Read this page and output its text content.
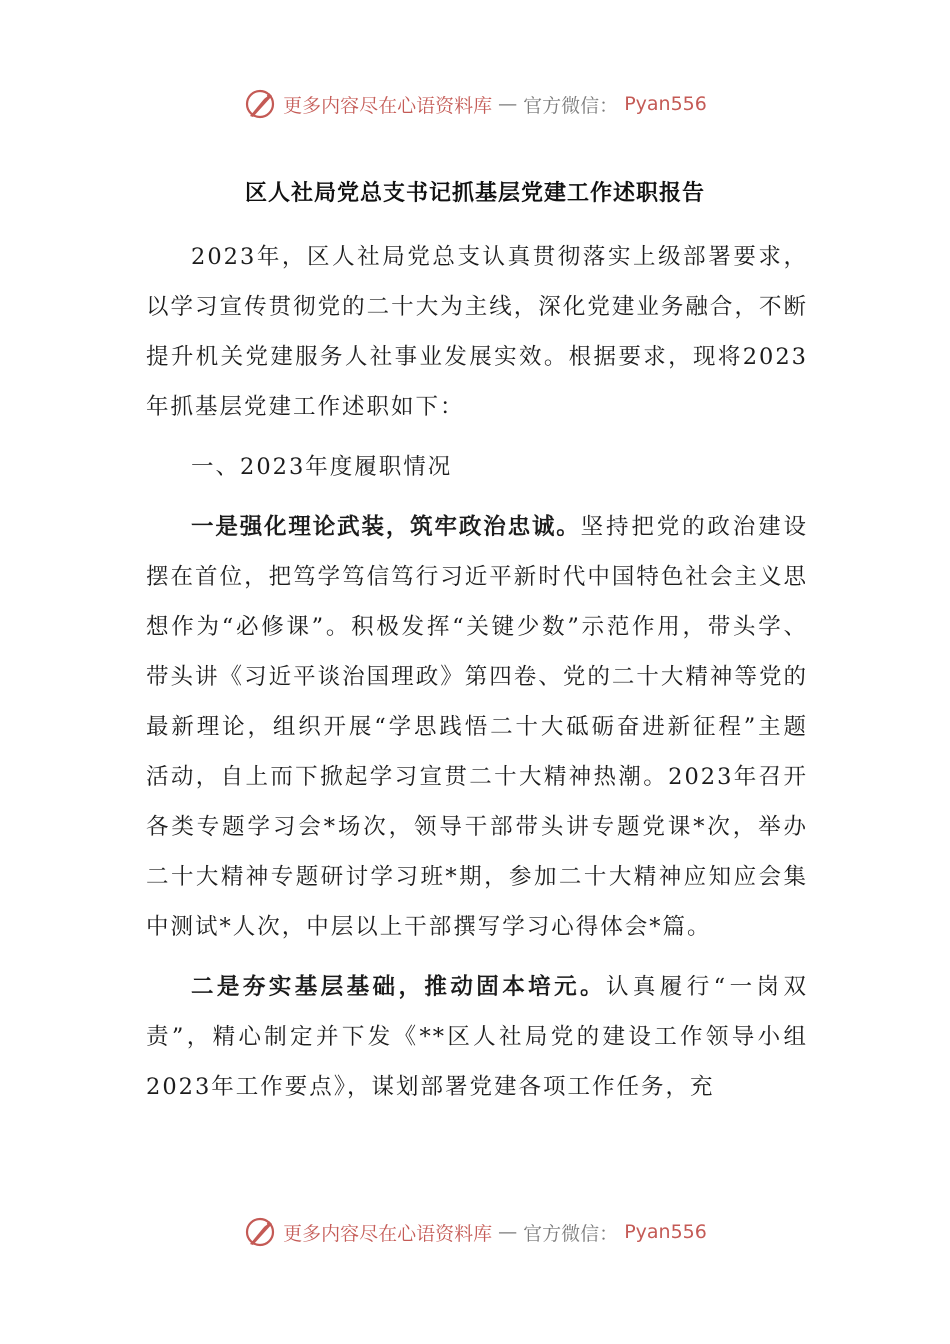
更多内容尽在心语资料库 — 官方微信： Pyan556
区人社局党总支书记抓基层党建工作述职报告

2023年，区人社局党总支认真贯彻落实上级部署要求，以学习宣传贯彻党的二十大为主线，深化党建业务融合，不断提升机关党建服务人社事业发展实效。根据要求，现将2023年抓基层党建工作述职如下：

一、2023年度履职情况

一是强化理论武装，筑牢政治忠诚。坚持把党的政治建设摆在首位，把笃学笃信笃行习近平新时代中国特色社会主义思想作为“必修课”。积极发挥“关键少数”示范作用，带头学、带头讲《习近平谈治国理政》第四卷、党的二十大精神等党的最新理论，组织开展“学思践悟二十大砥砺奋进新征程”主题活动，自上而下掀起学习宣贯二十大精神热潮。2023年召开各类专题学习会*场次，领导干部带头讲专题党课*次，举办二十大精神专题研讨学习班*期，参加二十大精神应知应会集中测试*人次，中层以上干部撰写学习心得体会*篇。

二是夯实基层基础，推动固本培元。认真履行“一岗双责”，精心制定并下发《**区人社局党的建设工作领导小组2023年工作要点》，谋划部署党建各项工作任务，充

更多内容尽在心语资料库 — 官方微信： Pyan556
